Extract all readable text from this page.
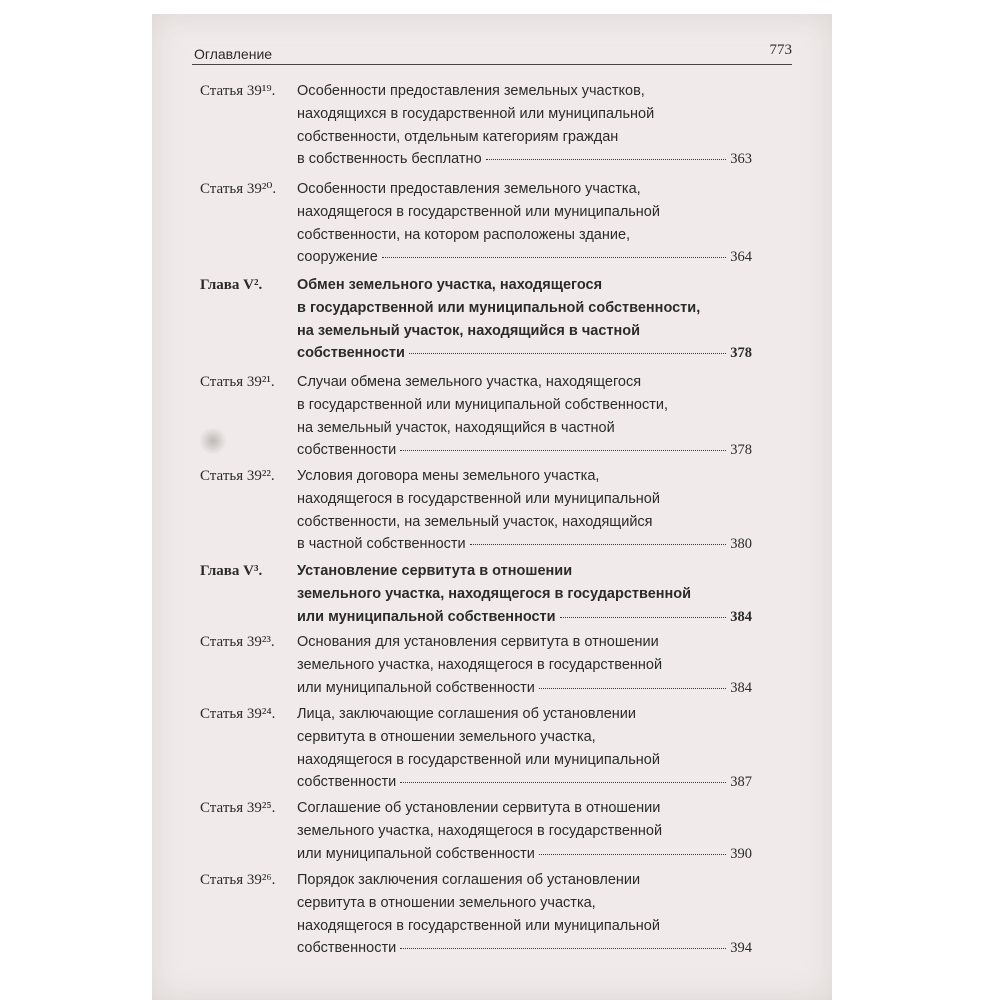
Оглавление	773
Статья 39¹⁹.	Особенности предоставления земельных участков,
находящихся в государственной или муниципальной
собственности, отдельным категориям граждан
в собственность бесплатно	363
Статья 39²⁰.	Особенности предоставления земельного участка,
находящегося в государственной или муниципальной
собственности, на котором расположены здание,
сооружение	364
Глава V².	Обмен земельного участка, находящегося
в государственной или муниципальной собственности,
на земельный участок, находящийся в частной
собственности	378
Статья 39²¹.	Случаи обмена земельного участка, находящегося
в государственной или муниципальной собственности,
на земельный участок, находящийся в частной
собственности	378
Статья 39²².	Условия договора мены земельного участка,
находящегося в государственной или муниципальной
собственности, на земельный участок, находящийся
в частной собственности	380
Глава V³.	Установление сервитута в отношении
земельного участка, находящегося в государственной
или муниципальной собственности	384
Статья 39²³.	Основания для установления сервитута в отношении
земельного участка, находящегося в государственной
или муниципальной собственности	384
Статья 39²⁴.	Лица, заключающие соглашения об установлении
сервитута в отношении земельного участка,
находящегося в государственной или муниципальной
собственности	387
Статья 39²⁵.	Соглашение об установлении сервитута в отношении
земельного участка, находящегося в государственной
или муниципальной собственности	390
Статья 39²⁶.	Порядок заключения соглашения об установлении
сервитута в отношении земельного участка,
находящегося в государственной или муниципальной
собственности	394
